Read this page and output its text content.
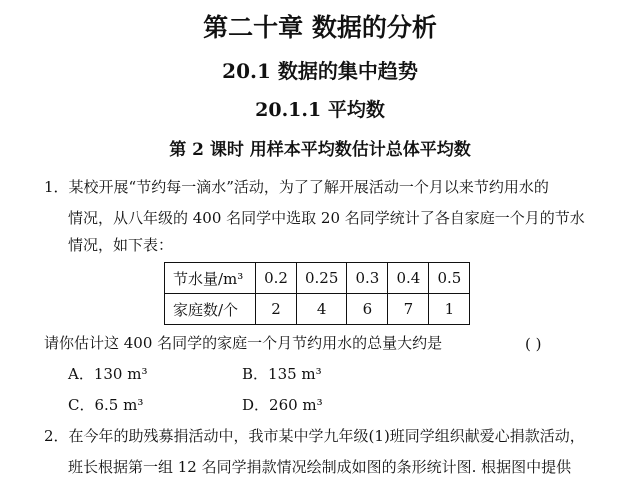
第二十章 数据的分析
20.1 数据的集中趋势
20.1.1 平均数
第 2 课时 用样本平均数估计总体平均数
1．某校开展“节约每一滴水”活动，为了了解开展活动一个月以来节约用水的
情况，从八年级的 400 名同学中选取 20 名同学统计了各自家庭一个月的节水
情况，如下表：
节水量/m³	0.2	0.25	0.3	0.4	0.5
家庭数/个	2	4	6	7	1
请你估计这 400 名同学的家庭一个月节约用水的总量大约是	( )
A．130 m³	B．135 m³
C．6.5 m³	D．260 m³
2．在今年的助残募捐活动中，我市某中学九年级(1)班同学组织献爱心捐款活动，
班长根据第一组 12 名同学捐款情况绘制成如图的条形统计图. 根据图中提供
